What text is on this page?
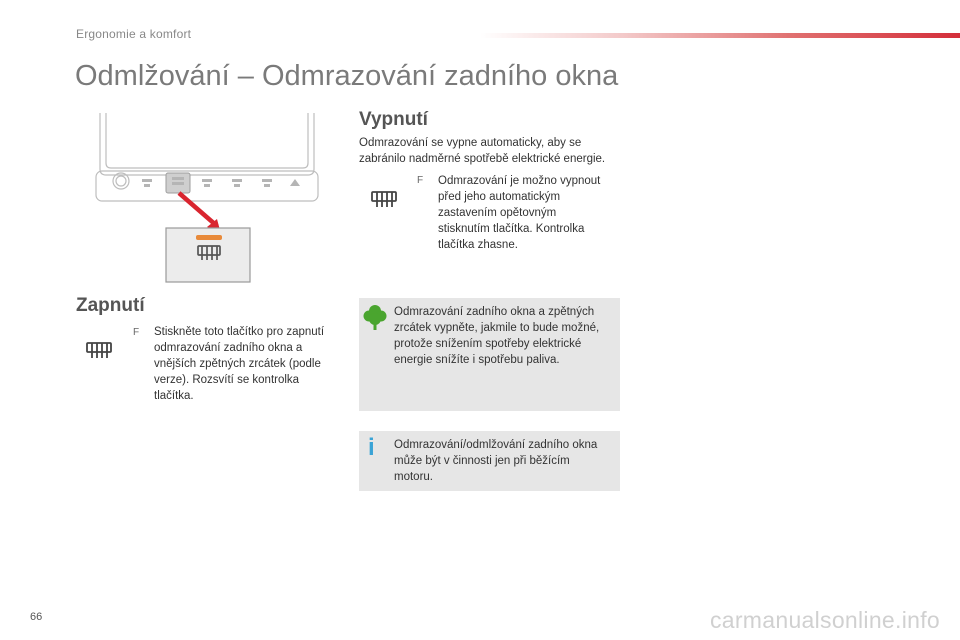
Ergonomie a komfort
Odmlžování – Odmrazování zadního okna
Vypnutí
Odmrazování se vypne automaticky, aby se zabránilo nadměrné spotřebě elektrické energie.
F Odmrazování je možno vypnout
před jeho automatickým
zastavením opětovným
stisknutím tlačítka. Kontrolka
tlačítka zhasne.
Zapnutí
F Stiskněte toto tlačítko pro zapnutí
odmrazování zadního okna a
vnějších zpětných zrcátek (podle
verze). Rozsvítí se kontrolka
tlačítka.
Odmrazování zadního okna a zpětných
zrcátek vypněte, jakmile to bude možné,
protože snížením spotřeby elektrické
energie snížíte i spotřebu paliva.
i Odmrazování/odmlžování zadního okna
může být v činnosti jen při běžícím
motoru.
66	carmanualsonline.info
